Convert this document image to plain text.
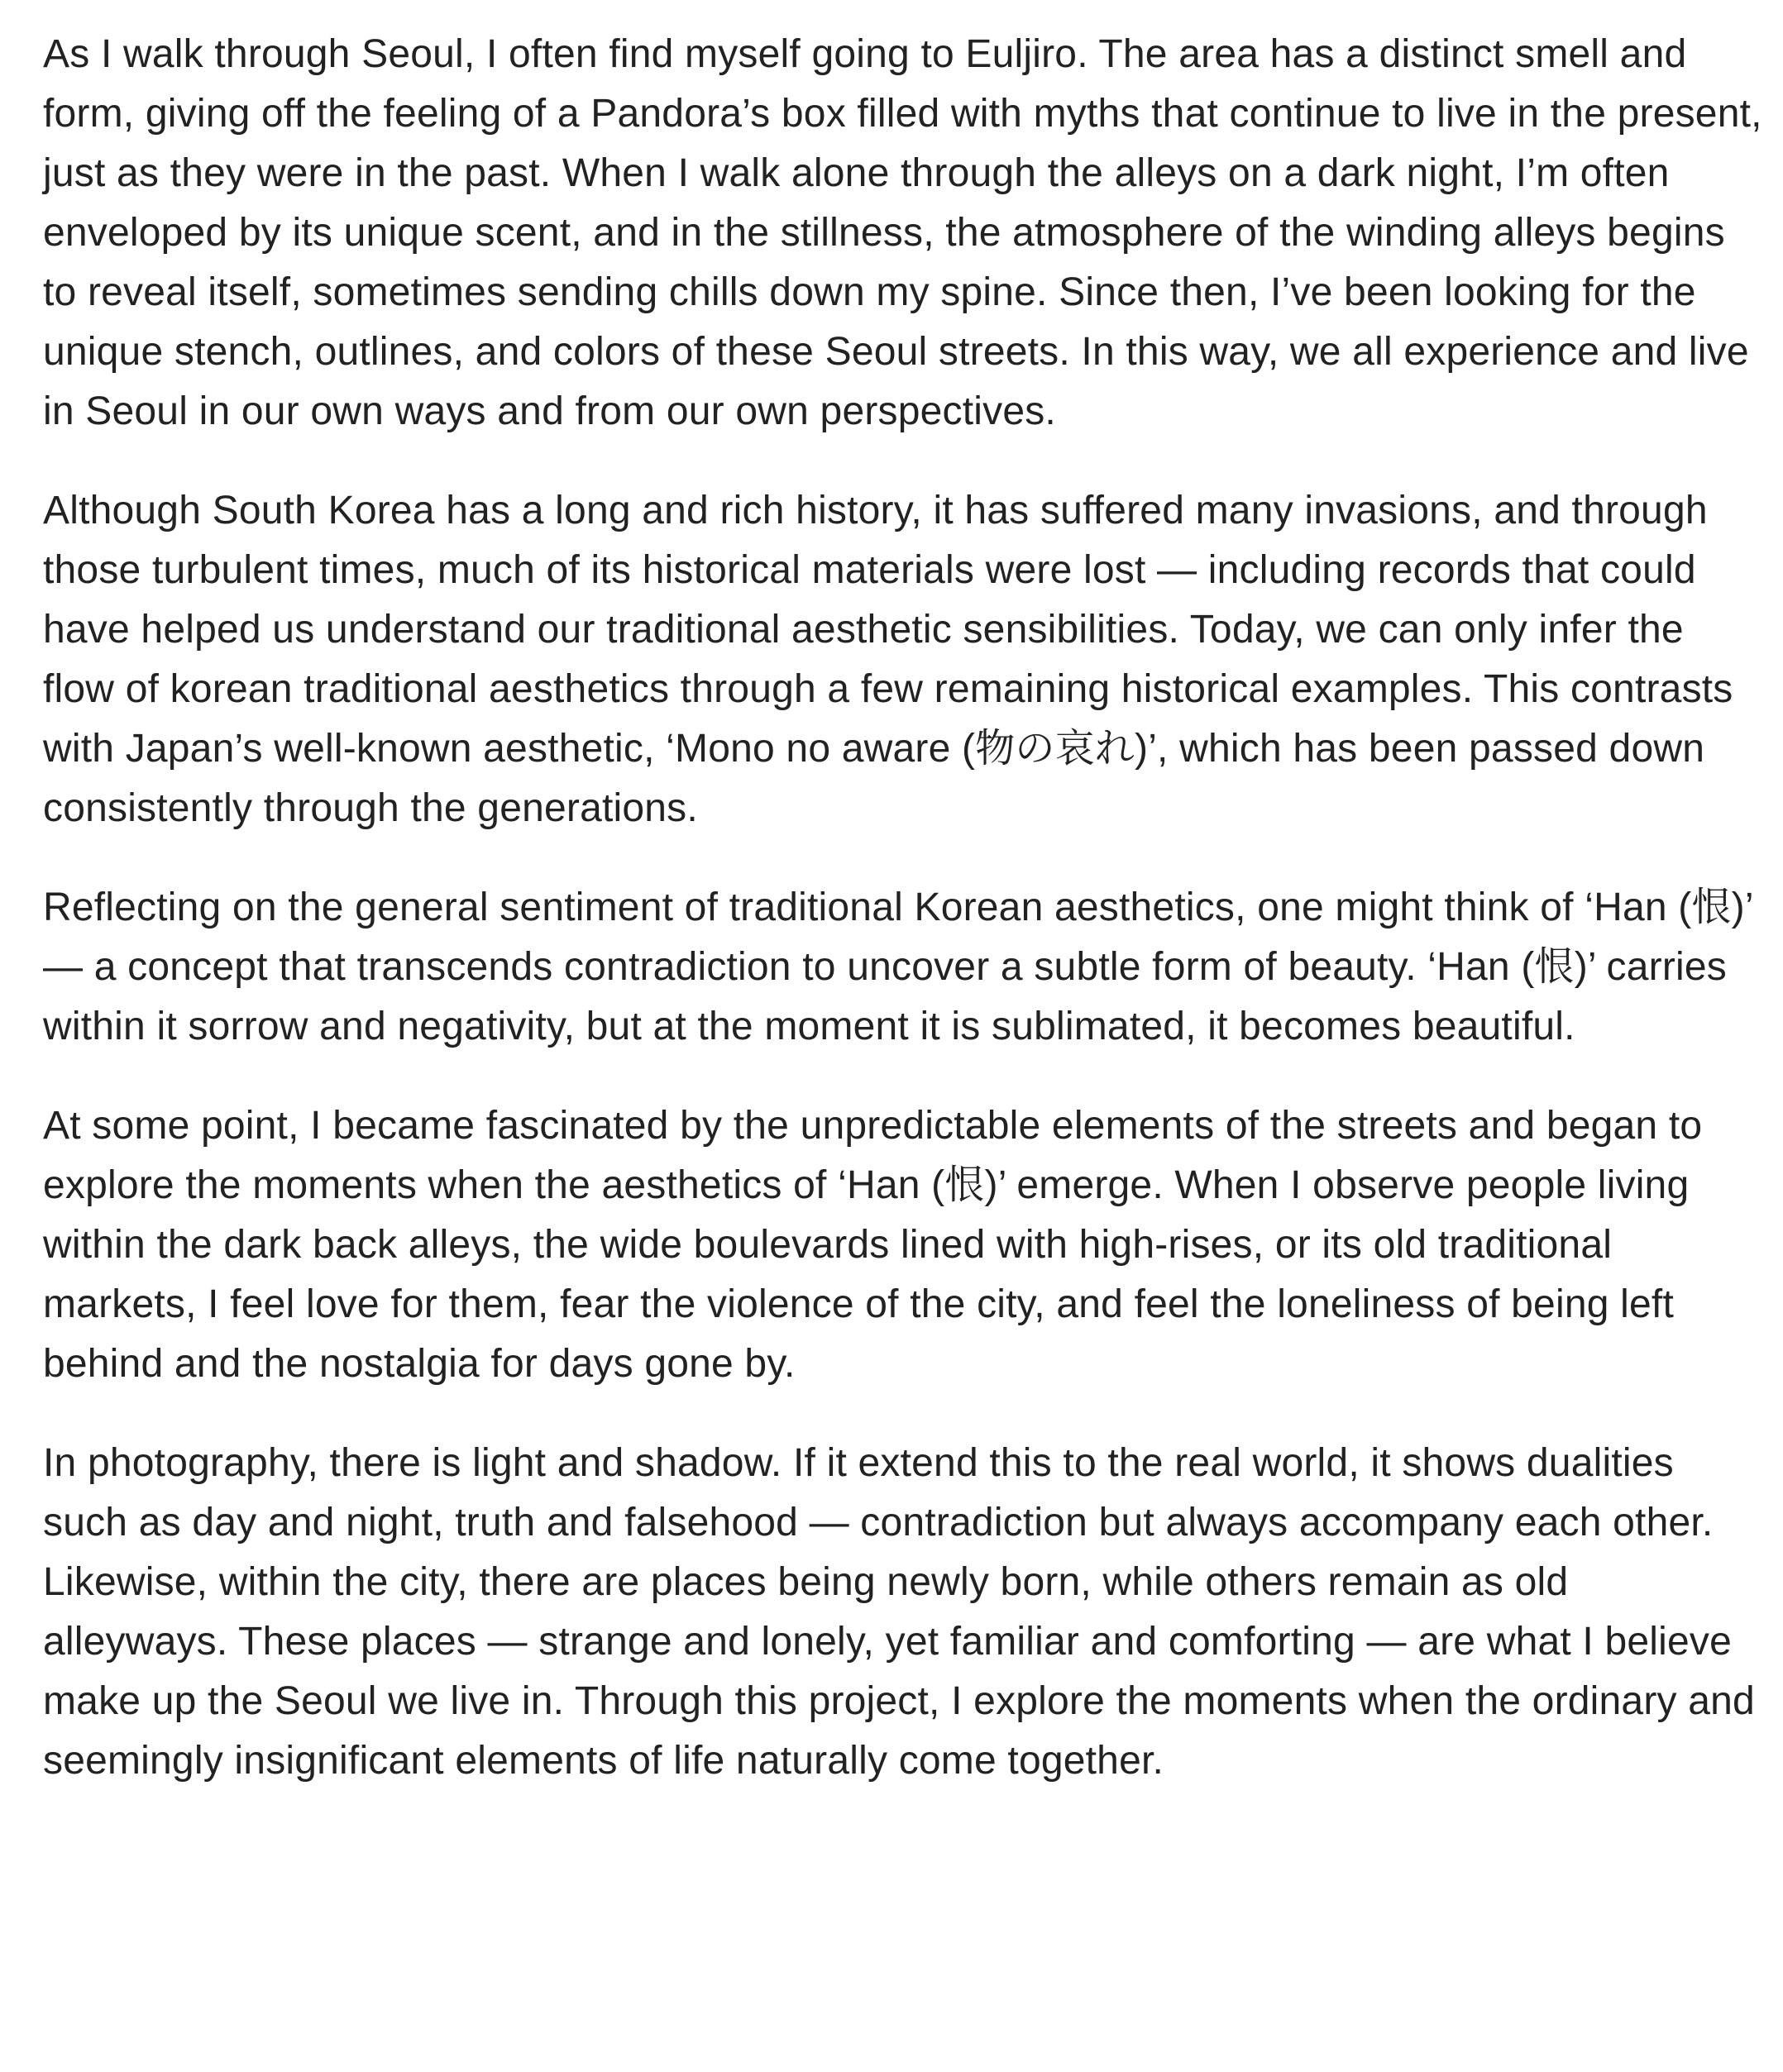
As I walk through Seoul, I often find myself going to Euljiro. The area has a distinct smell and form, giving off the feeling of a Pandora’s box filled with myths that continue to live in the present, just as they were in the past. When I walk alone through the alleys on a dark night, I’m often enveloped by its unique scent, and in the stillness, the atmosphere of the winding alleys begins to reveal itself, sometimes sending chills down my spine. Since then, I’ve been looking for the unique stench, outlines, and colors of these Seoul streets. In this way, we all experience and live in Seoul in our own ways and from our own perspectives.

Although South Korea has a long and rich history, it has suffered many invasions, and through those turbulent times, much of its historical materials were lost — including records that could have helped us understand our traditional aesthetic sensibilities. Today, we can only infer the flow of korean traditional aesthetics through a few remaining historical examples. This contrasts with Japan’s well-known aesthetic, ‘Mono no aware (物の哀れ)’, which has been passed down consistently through the generations.

Reflecting on the general sentiment of traditional Korean aesthetics, one might think of ‘Han (恨)’ — a concept that transcends contradiction to uncover a subtle form of beauty. ‘Han (恨)’ carries within it sorrow and negativity, but at the moment it is sublimated, it becomes beautiful.

At some point, I became fascinated by the unpredictable elements of the streets and began to explore the moments when the aesthetics of ‘Han (恨)’ emerge. When I observe people living within the dark back alleys, the wide boulevards lined with high-rises, or its old traditional markets, I feel love for them, fear the violence of the city, and feel the loneliness of being left behind and the nostalgia for days gone by.

In photography, there is light and shadow. If it extend this to the real world, it shows dualities such as day and night, truth and falsehood — contradiction but always accompany each other. Likewise, within the city, there are places being newly born, while others remain as old alleyways. These places — strange and lonely, yet familiar and comforting — are what I believe make up the Seoul we live in. Through this project, I explore the moments when the ordinary and seemingly insignificant elements of life naturally come together.
